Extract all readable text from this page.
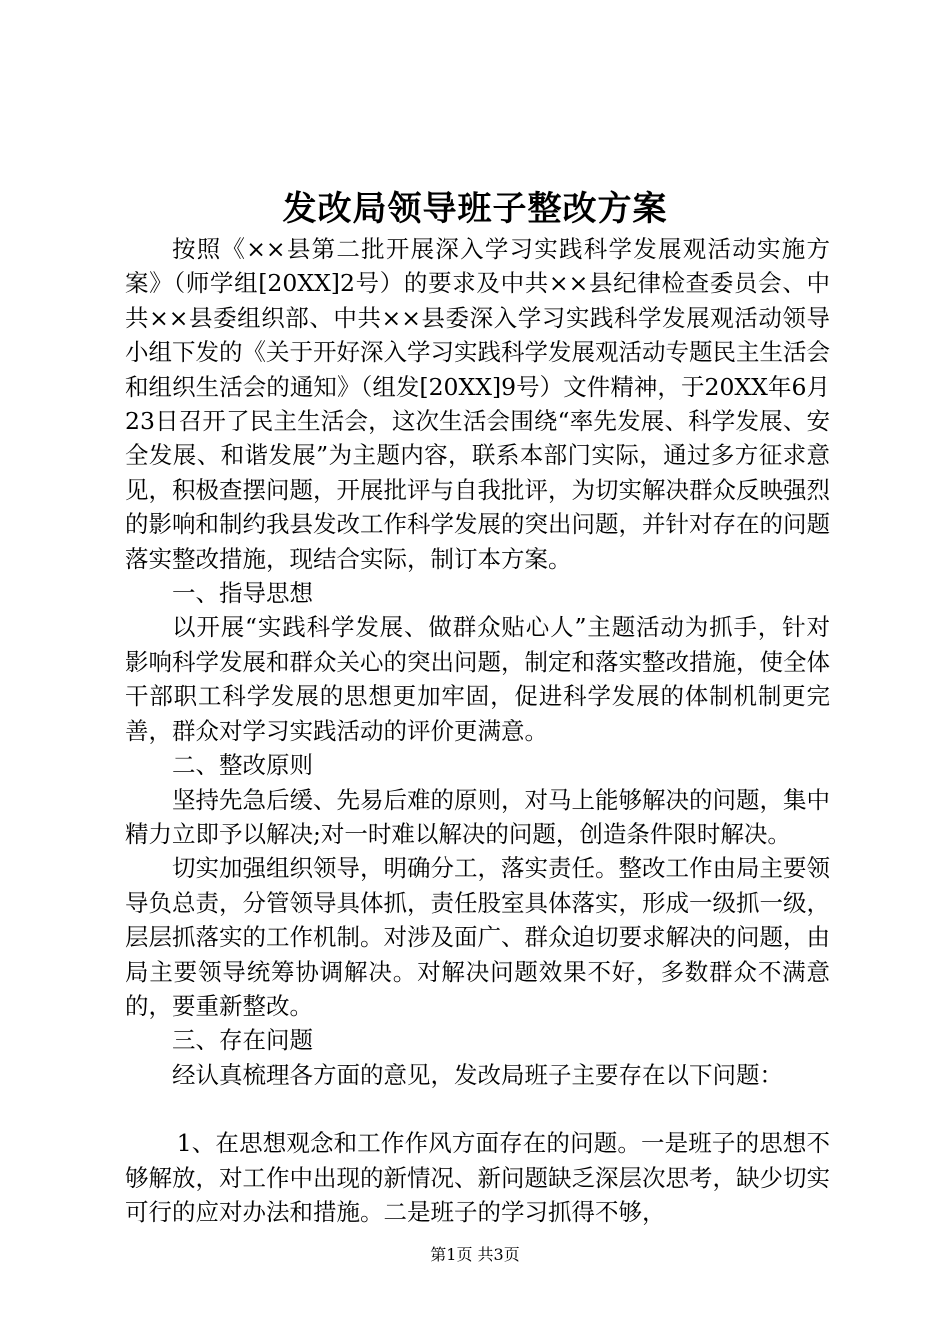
发改局领导班子整改方案

按照《××县第二批开展深入学习实践科学发展观活动实施方案》（师学组[20XX]2号）的要求及中共××县纪律检查委员会、中共××县委组织部、中共××县委深入学习实践科学发展观活动领导小组下发的《关于开好深入学习实践科学发展观活动专题民主生活会和组织生活会的通知》（组发[20XX]9号）文件精神，于20XX年6月23日召开了民主生活会，这次生活会围绕“率先发展、科学发展、安全发展、和谐发展”为主题内容，联系本部门实际，通过多方征求意见，积极查摆问题，开展批评与自我批评，为切实解决群众反映强烈的影响和制约我县发改工作科学发展的突出问题，并针对存在的问题落实整改措施，现结合实际，制订本方案。

一、指导思想

以开展“实践科学发展、做群众贴心人”主题活动为抓手，针对影响科学发展和群众关心的突出问题，制定和落实整改措施，使全体干部职工科学发展的思想更加牢固，促进科学发展的体制机制更完善，群众对学习实践活动的评价更满意。

二、整改原则

坚持先急后缓、先易后难的原则，对马上能够解决的问题，集中精力立即予以解决;对一时难以解决的问题，创造条件限时解决。

切实加强组织领导，明确分工，落实责任。整改工作由局主要领导负总责，分管领导具体抓，责任股室具体落实，形成一级抓一级，层层抓落实的工作机制。对涉及面广、群众迫切要求解决的问题，由局主要领导统筹协调解决。对解决问题效果不好，多数群众不满意的，要重新整改。

三、存在问题

经认真梳理各方面的意见，发改局班子主要存在以下问题：

1、在思想观念和工作作风方面存在的问题。一是班子的思想不够解放，对工作中出现的新情况、新问题缺乏深层次思考，缺少切实可行的应对办法和措施。二是班子的学习抓得不够，

第1页 共3页
